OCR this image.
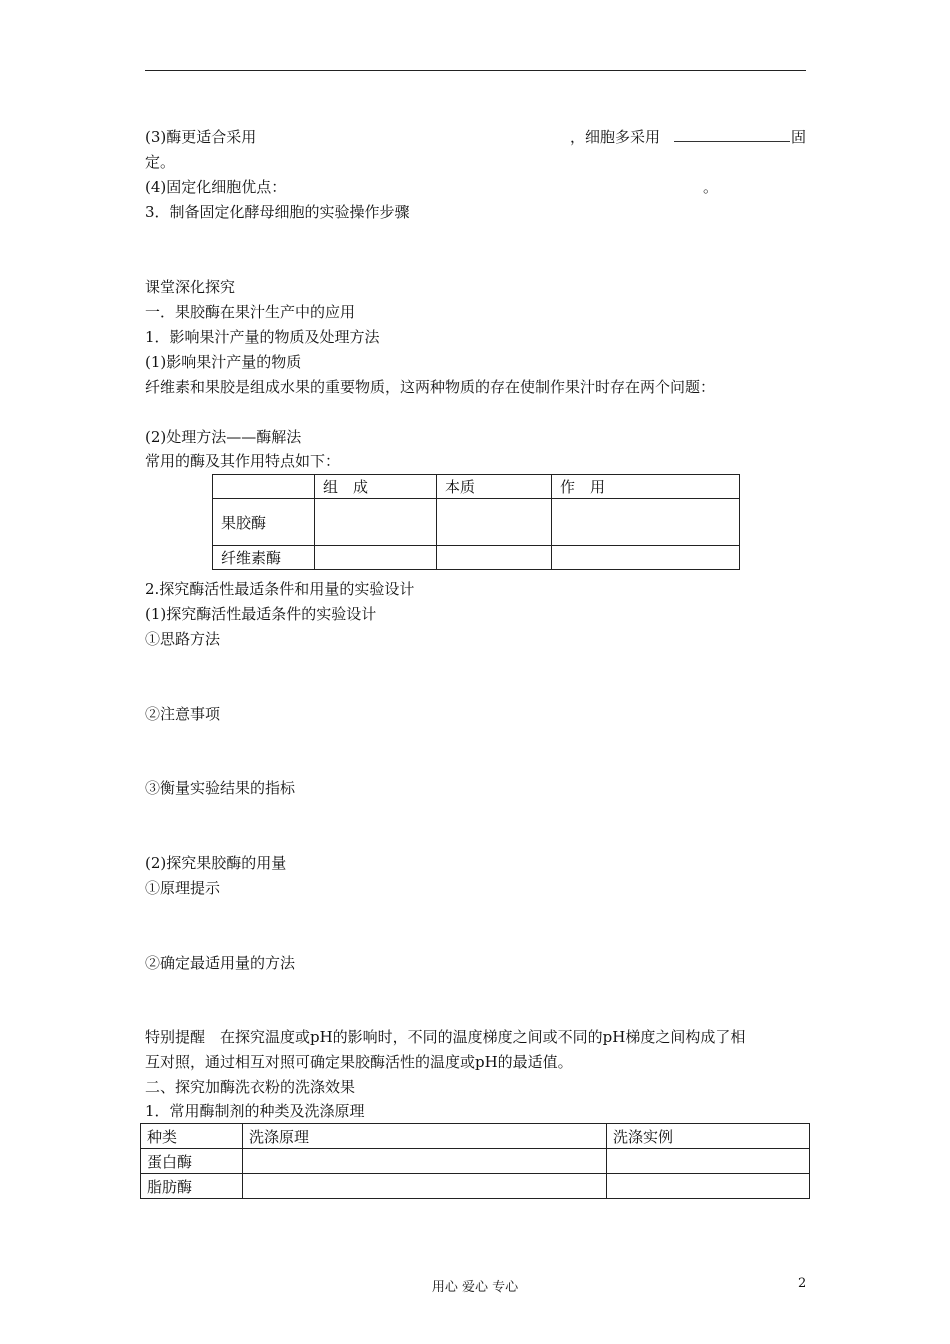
(3)酶更适合采用	，细胞多采用	固
定。
(4)固定化细胞优点：	。
3．制备固定化酵母细胞的实验操作步骤
课堂深化探究
一．果胶酶在果汁生产中的应用
1．影响果汁产量的物质及处理方法
(1)影响果汁产量的物质
纤维素和果胶是组成水果的重要物质，这两种物质的存在使制作果汁时存在两个问题：
(2)处理方法——酶解法
常用的酶及其作用特点如下：
	组　成	本质	作　用
果胶酶			
纤维素酶			
2.探究酶活性最适条件和用量的实验设计
(1)探究酶活性最适条件的实验设计
①思路方法
②注意事项
③衡量实验结果的指标
(2)探究果胶酶的用量
①原理提示
②确定最适用量的方法
特别提醒　在探究温度或pH的影响时，不同的温度梯度之间或不同的pH梯度之间构成了相
互对照，通过相互对照可确定果胶酶活性的温度或pH的最适值。
二、探究加酶洗衣粉的洗涤效果
1．常用酶制剂的种类及洗涤原理
种类	洗涤原理	洗涤实例
蛋白酶		
脂肪酶		
用心 爱心 专心	2
